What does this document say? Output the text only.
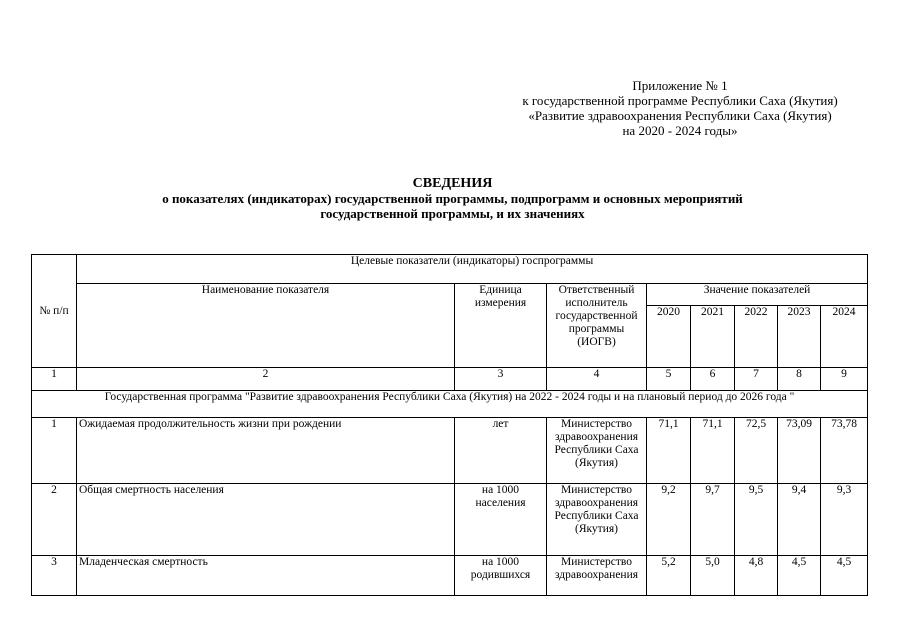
Приложение № 1
к государственной программе Республики Саха (Якутия)
«Развитие здравоохранения Республики Саха (Якутия)
на 2020 - 2024 годы»
СВЕДЕНИЯ
о показателях (индикаторах) государственной программы, подпрограмм и основных мероприятий
государственной программы, и их значениях
№ п/п	Целевые показатели (индикаторы) госпрограммы							
	Наименование показателя	Единица измерения	Ответственный исполнитель государственной программы (ИОГВ)	Значение показателей				
				2020	2021	2022	2023	2024
1	2	3	4	5	6	7	8	9
Государственная программа "Развитие здравоохранения Республики Саха (Якутия) на 2022 - 2024 годы и на плановый период до 2026 года "								
1	Ожидаемая продолжительность жизни при рождении	лет	Министерство здравоохранения Республики Саха (Якутия)	71,1	71,1	72,5	73,09	73,78
2	Общая смертность населения	на 1000 населения	Министерство здравоохранения Республики Саха (Якутия)	9,2	9,7	9,5	9,4	9,3
3	Младенческая смертность	на 1000 родившихся	Министерство здравоохранения	5,2	5,0	4,8	4,5	4,5
